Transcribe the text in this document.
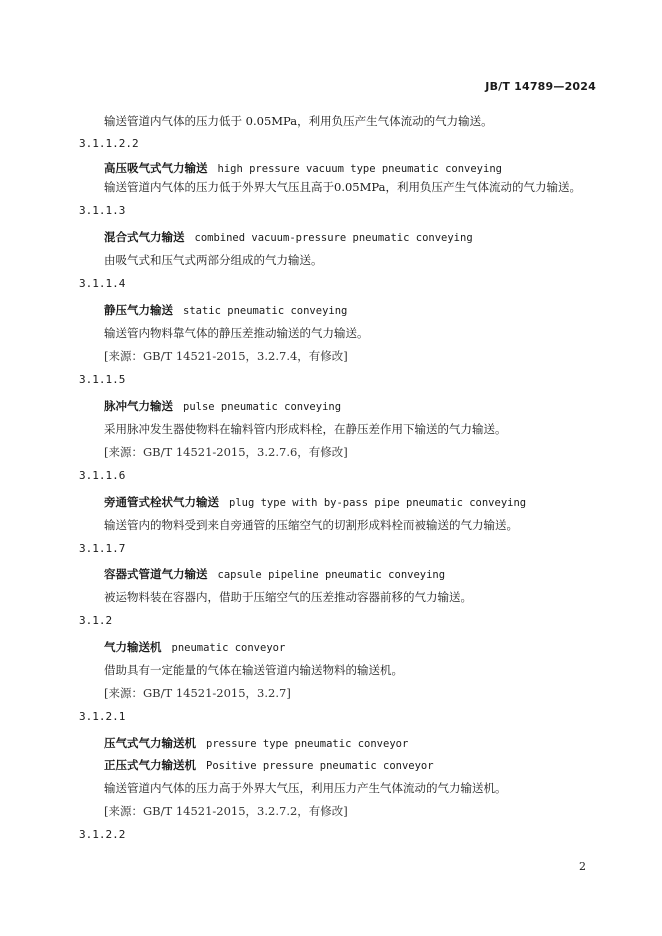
JB/T 14789—2024
输送管道内气体的压力低于 0.05MPa，利用负压产生气体流动的气力输送。
3.1.1.2.2
高压吸气式气力输送 high pressure vacuum type pneumatic conveying
输送管道内气体的压力低于外界大气压且高于0.05MPa，利用负压产生气体流动的气力输送。
3.1.1.3
混合式气力输送 combined vacuum-pressure pneumatic conveying
由吸气式和压气式两部分组成的气力输送。
3.1.1.4
静压气力输送 static pneumatic conveying
输送管内物料靠气体的静压差推动输送的气力输送。
[来源：GB/T 14521-2015，3.2.7.4，有修改]
3.1.1.5
脉冲气力输送 pulse pneumatic conveying
采用脉冲发生器使物料在输料管内形成料栓，在静压差作用下输送的气力输送。
[来源：GB/T 14521-2015，3.2.7.6，有修改]
3.1.1.6
旁通管式栓状气力输送 plug type with by-pass pipe pneumatic conveying
输送管内的物料受到来自旁通管的压缩空气的切割形成料栓而被输送的气力输送。
3.1.1.7
容器式管道气力输送 capsule pipeline pneumatic conveying
被运物料装在容器内，借助于压缩空气的压差推动容器前移的气力输送。
3.1.2
气力输送机 pneumatic conveyor
借助具有一定能量的气体在输送管道内输送物料的输送机。
[来源：GB/T 14521-2015，3.2.7]
3.1.2.1
压气式气力输送机 pressure type pneumatic conveyor
正压式气力输送机 Positive pressure pneumatic conveyor
输送管道内气体的压力高于外界大气压，利用压力产生气体流动的气力输送机。
[来源：GB/T 14521-2015，3.2.7.2，有修改]
3.1.2.2
2
